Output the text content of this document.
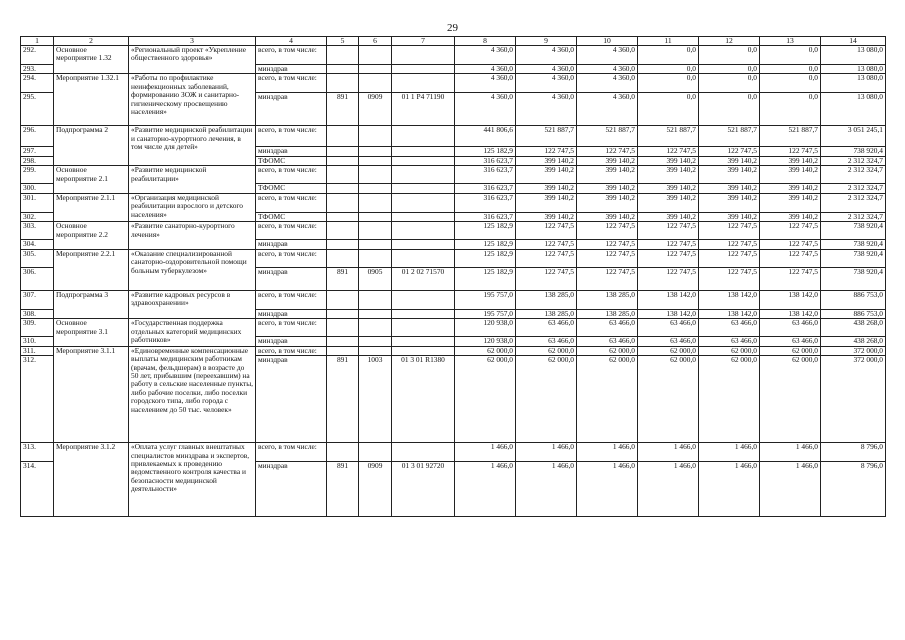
29
1	2	3	4	5	6	7	8	9	10	11	12	13	14
292.	Основное мероприятие 1.32	«Региональный проект «Укрепление общественного здоровья»	всего, в том числе:				4 360,0	4 360,0	4 360,0	0,0	0,0	0,0	13 080,0
293.			минздрав				4 360,0	4 360,0	4 360,0	0,0	0,0	0,0	13 080,0
294.	Мероприятие 1.32.1	«Работы по профилактике неинфекционных заболеваний, формированию ЗОЖ и санитарно-гигиеническому просвещению населения»	всего, в том числе:				4 360,0	4 360,0	4 360,0	0,0	0,0	0,0	13 080,0
295.			минздрав	891	0909	01 1 P4 71190	4 360,0	4 360,0	4 360,0	0,0	0,0	0,0	13 080,0
296.	Подпрограмма 2	«Развитие медицинской реабилитации и санаторно-курортного лечения, в том числе для детей»	всего, в том числе:				441 806,6	521 887,7	521 887,7	521 887,7	521 887,7	521 887,7	3 051 245,1
297.			минздрав				125 182,9	122 747,5	122 747,5	122 747,5	122 747,5	122 747,5	738 920,4
298.			ТФОМС				316 623,7	399 140,2	399 140,2	399 140,2	399 140,2	399 140,2	2 312 324,7
299.	Основное мероприятие 2.1	«Развитие медицинской реабилитации»	всего, в том числе:				316 623,7	399 140,2	399 140,2	399 140,2	399 140,2	399 140,2	2 312 324,7
300.			ТФОМС				316 623,7	399 140,2	399 140,2	399 140,2	399 140,2	399 140,2	2 312 324,7
301.	Мероприятие 2.1.1	«Организация медицинской реабилитации взрослого и детского населения»	всего, в том числе:				316 623,7	399 140,2	399 140,2	399 140,2	399 140,2	399 140,2	2 312 324,7
302.			ТФОМС				316 623,7	399 140,2	399 140,2	399 140,2	399 140,2	399 140,2	2 312 324,7
303.	Основное мероприятие 2.2	«Развитие санаторно-курортного лечения»	всего, в том числе:				125 182,9	122 747,5	122 747,5	122 747,5	122 747,5	122 747,5	738 920,4
304.			минздрав				125 182,9	122 747,5	122 747,5	122 747,5	122 747,5	122 747,5	738 920,4
305.	Мероприятие 2.2.1	«Оказание специализированной санаторно-оздоровительной помощи больным туберкулезом»	всего, в том числе:				125 182,9	122 747,5	122 747,5	122 747,5	122 747,5	122 747,5	738 920,4
306.			минздрав	891	0905	01 2 02 71570	125 182,9	122 747,5	122 747,5	122 747,5	122 747,5	122 747,5	738 920,4
307.	Подпрограмма 3	«Развитие кадровых ресурсов в здравоохранении»	всего, в том числе:				195 757,0	138 285,0	138 285,0	138 142,0	138 142,0	138 142,0	886 753,0
308.			минздрав				195 757,0	138 285,0	138 285,0	138 142,0	138 142,0	138 142,0	886 753,0
309.	Основное мероприятие 3.1	«Государственная поддержка отдельных категорий медицинских работников»	всего, в том числе:				120 938,0	63 466,0	63 466,0	63 466,0	63 466,0	63 466,0	438 268,0
310.			минздрав				120 938,0	63 466,0	63 466,0	63 466,0	63 466,0	63 466,0	438 268,0
311.	Мероприятие 3.1.1	«Единовременные компенсационные выплаты медицинским работникам (врачам, фельдшерам) в возрасте до 50 лет, прибывшим (переехавшим) на работу в сельские населенные пункты, либо рабочие поселки, либо поселки городского типа, либо города с населением до 50 тыс. человек»	всего, в том числе:				62 000,0	62 000,0	62 000,0	62 000,0	62 000,0	62 000,0	372 000,0
312.			минздрав	891	1003	01 3 01 R1380	62 000,0	62 000,0	62 000,0	62 000,0	62 000,0	62 000,0	372 000,0
313.	Мероприятие 3.1.2	«Оплата услуг главных внештатных специалистов минздрава и экспертов, привлекаемых к проведению ведомственного контроля качества и безопасности медицинской деятельности»	всего, в том числе:				1 466,0	1 466,0	1 466,0	1 466,0	1 466,0	1 466,0	8 796,0
314.			минздрав	891	0909	01 3 01 92720	1 466,0	1 466,0	1 466,0	1 466,0	1 466,0	1 466,0	8 796,0
